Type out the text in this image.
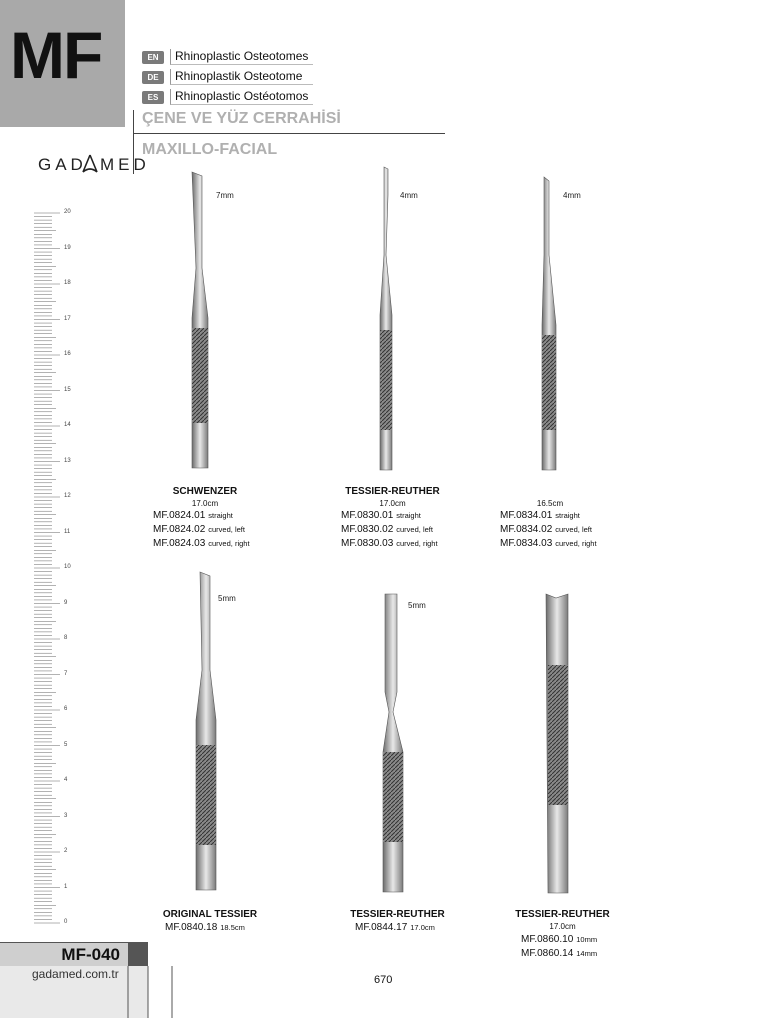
MF	EN	Rhinoplastic Osteotomes
DE	Rhinoplastik Osteotome
ES	Rhinoplastic Ostéotomos
ÇENE VE YÜZ CERRAHİSİ
MAXILLO-FACIAL
GAD MED
20
19
18
17
16
15
14
13
12
11
10
9
8
7
6
5
4
3
2
1
0
7mm	4mm	4mm
5mm
5mm
SCHWENZER
17.0cm
MF.0824.01 straight
MF.0824.02 curved, left
MF.0824.03 curved, right
TESSIER-REUTHER
17.0cm
MF.0830.01 straight
MF.0830.02 curved, left
MF.0830.03 curved, right
16.5cm
MF.0834.01 straight
MF.0834.02 curved, left
MF.0834.03 curved, right
ORIGINAL TESSIER
MF.0840.18 18.5cm
TESSIER-REUTHER
MF.0844.17 17.0cm
TESSIER-REUTHER
17.0cm
MF.0860.10 10mm
MF.0860.14 14mm
MF-040
gadamed.com.tr	670
